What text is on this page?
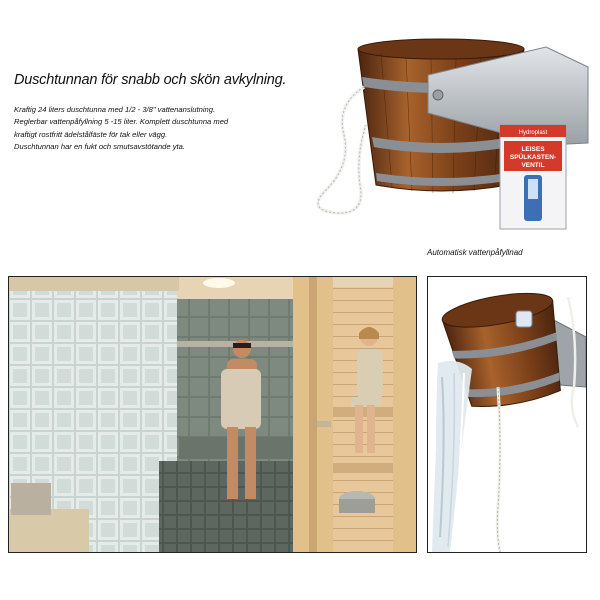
Duschtunnan för snabb och skön avkylning.

Kraftig 24 liters duschtunna med 1/2 - 3/8" vattenanslutning.

Reglerbar vattenpåfyllning 5 -15 liter. Komplett duschtunna med

kraftigt rostfritt ädelstålfäste för tak eller vägg.

Duschtunnan har en fukt och smutsavstötande yta.

Hydroplast
LEISES
SPÜLKASTEN-
VENTIL
Automatisk vattenpåfyllnad
